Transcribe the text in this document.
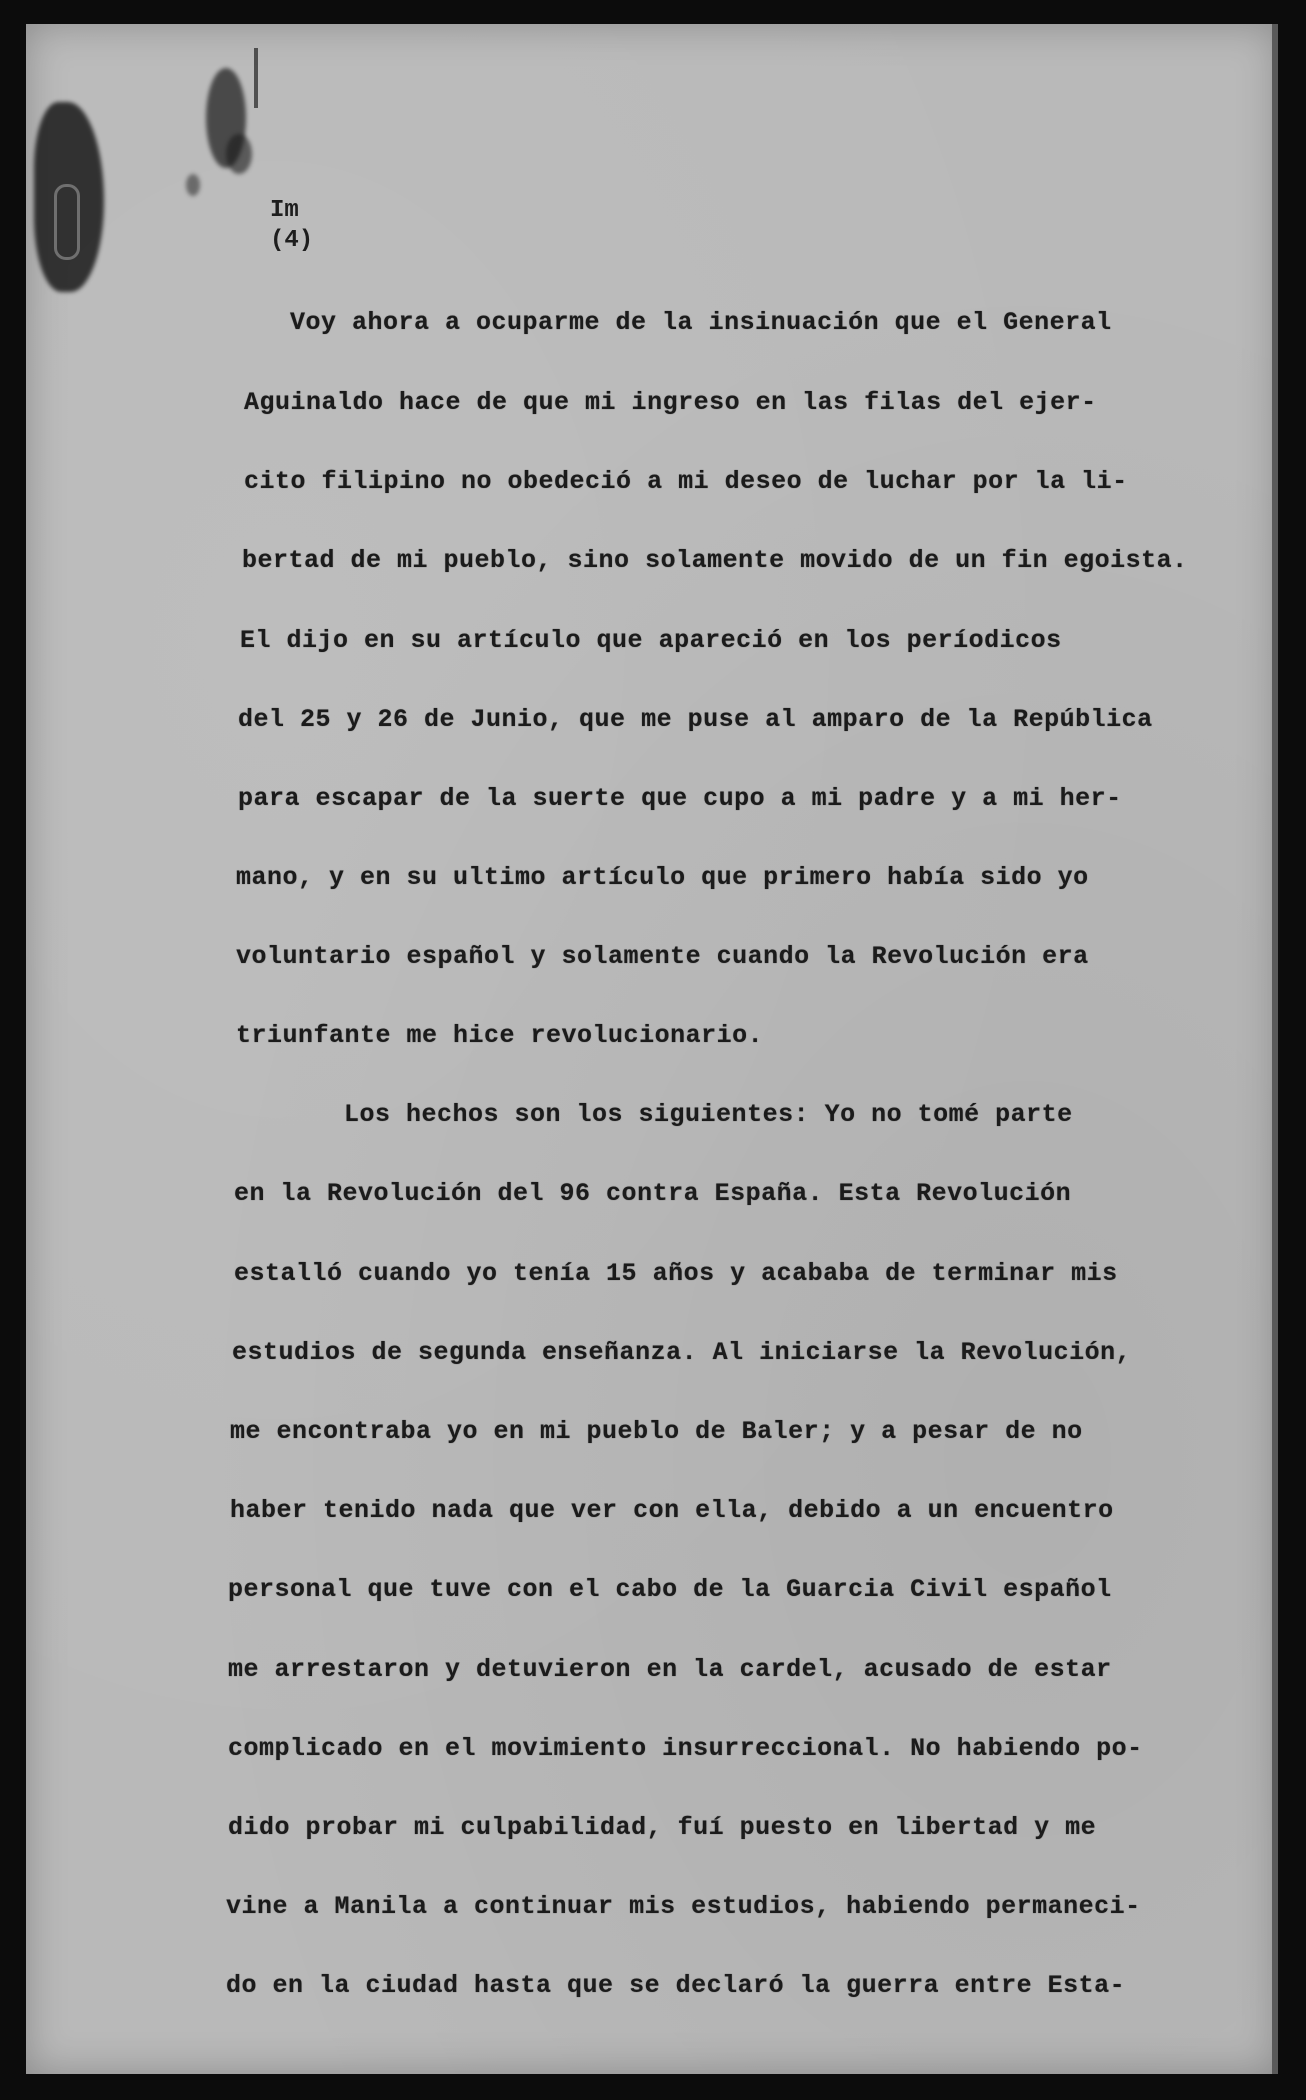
Im
(4)
Voy ahora a ocuparme de la insinuación que el General
Aguinaldo hace de que mi ingreso en las filas del ejer-
cito filipino no obedeció a mi deseo de luchar por la li-
bertad de mi pueblo, sino solamente movido de un fin egoista.
El dijo en su artículo que apareció en los períodicos
del 25 y 26 de Junio, que me puse al amparo de la República
para escapar de la suerte que cupo a mi padre y a mi her-
mano, y en su ultimo artículo que primero había sido yo
voluntario español y solamente cuando la Revolución era
triunfante me hice revolucionario.
Los hechos son los siguientes: Yo no tomé parte
en la Revolución del 96 contra España. Esta Revolución
estalló cuando yo tenía 15 años y acababa de terminar mis
estudios de segunda enseñanza. Al iniciarse la Revolución,
me encontraba yo en mi pueblo de Baler; y a pesar de no
haber tenido nada que ver con ella, debido a un encuentro
personal que tuve con el cabo de la Guarcia Civil español
me arrestaron y detuvieron en la cardel, acusado de estar
complicado en el movimiento insurreccional. No habiendo po-
dido probar mi culpabilidad, fuí puesto en libertad y me
vine a Manila a continuar mis estudios, habiendo permaneci-
do en la ciudad hasta que se declaró la guerra entre Esta-
